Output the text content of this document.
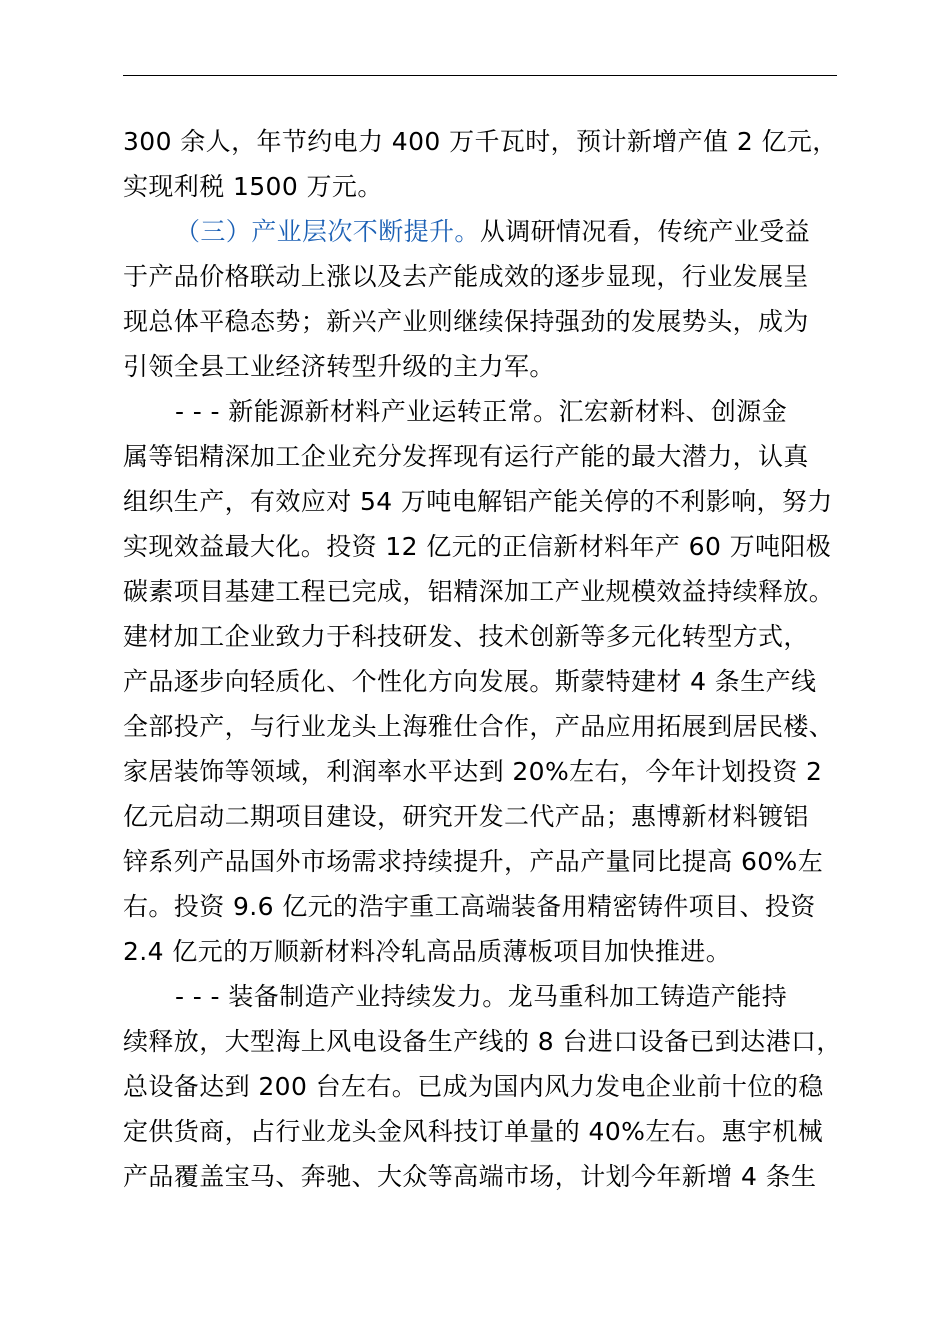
300 余人，年节约电力 400 万千瓦时，预计新增产值 2 亿元，
实现利税 1500 万元。
（三）产业层次不断提升。从调研情况看，传统产业受益
于产品价格联动上涨以及去产能成效的逐步显现，行业发展呈
现总体平稳态势；新兴产业则继续保持强劲的发展势头，成为
引领全县工业经济转型升级的主力军。
- - - 新能源新材料产业运转正常。汇宏新材料、创源金
属等铝精深加工企业充分发挥现有运行产能的最大潜力，认真
组织生产，有效应对 54 万吨电解铝产能关停的不利影响，努力
实现效益最大化。投资 12 亿元的正信新材料年产 60 万吨阳极
碳素项目基建工程已完成，铝精深加工产业规模效益持续释放。
建材加工企业致力于科技研发、技术创新等多元化转型方式，
产品逐步向轻质化、个性化方向发展。斯蒙特建材 4 条生产线
全部投产，与行业龙头上海雅仕合作，产品应用拓展到居民楼、
家居装饰等领域，利润率水平达到 20%左右，今年计划投资 2
亿元启动二期项目建设，研究开发二代产品；惠博新材料镀铝
锌系列产品国外市场需求持续提升，产品产量同比提高 60%左
右。投资 9.6 亿元的浩宇重工高端装备用精密铸件项目、投资
2.4 亿元的万顺新材料冷轧高品质薄板项目加快推进。
- - - 装备制造产业持续发力。龙马重科加工铸造产能持
续释放，大型海上风电设备生产线的 8 台进口设备已到达港口，
总设备达到 200 台左右。已成为国内风力发电企业前十位的稳
定供货商，占行业龙头金风科技订单量的 40%左右。惠宇机械
产品覆盖宝马、奔驰、大众等高端市场，计划今年新增 4 条生
